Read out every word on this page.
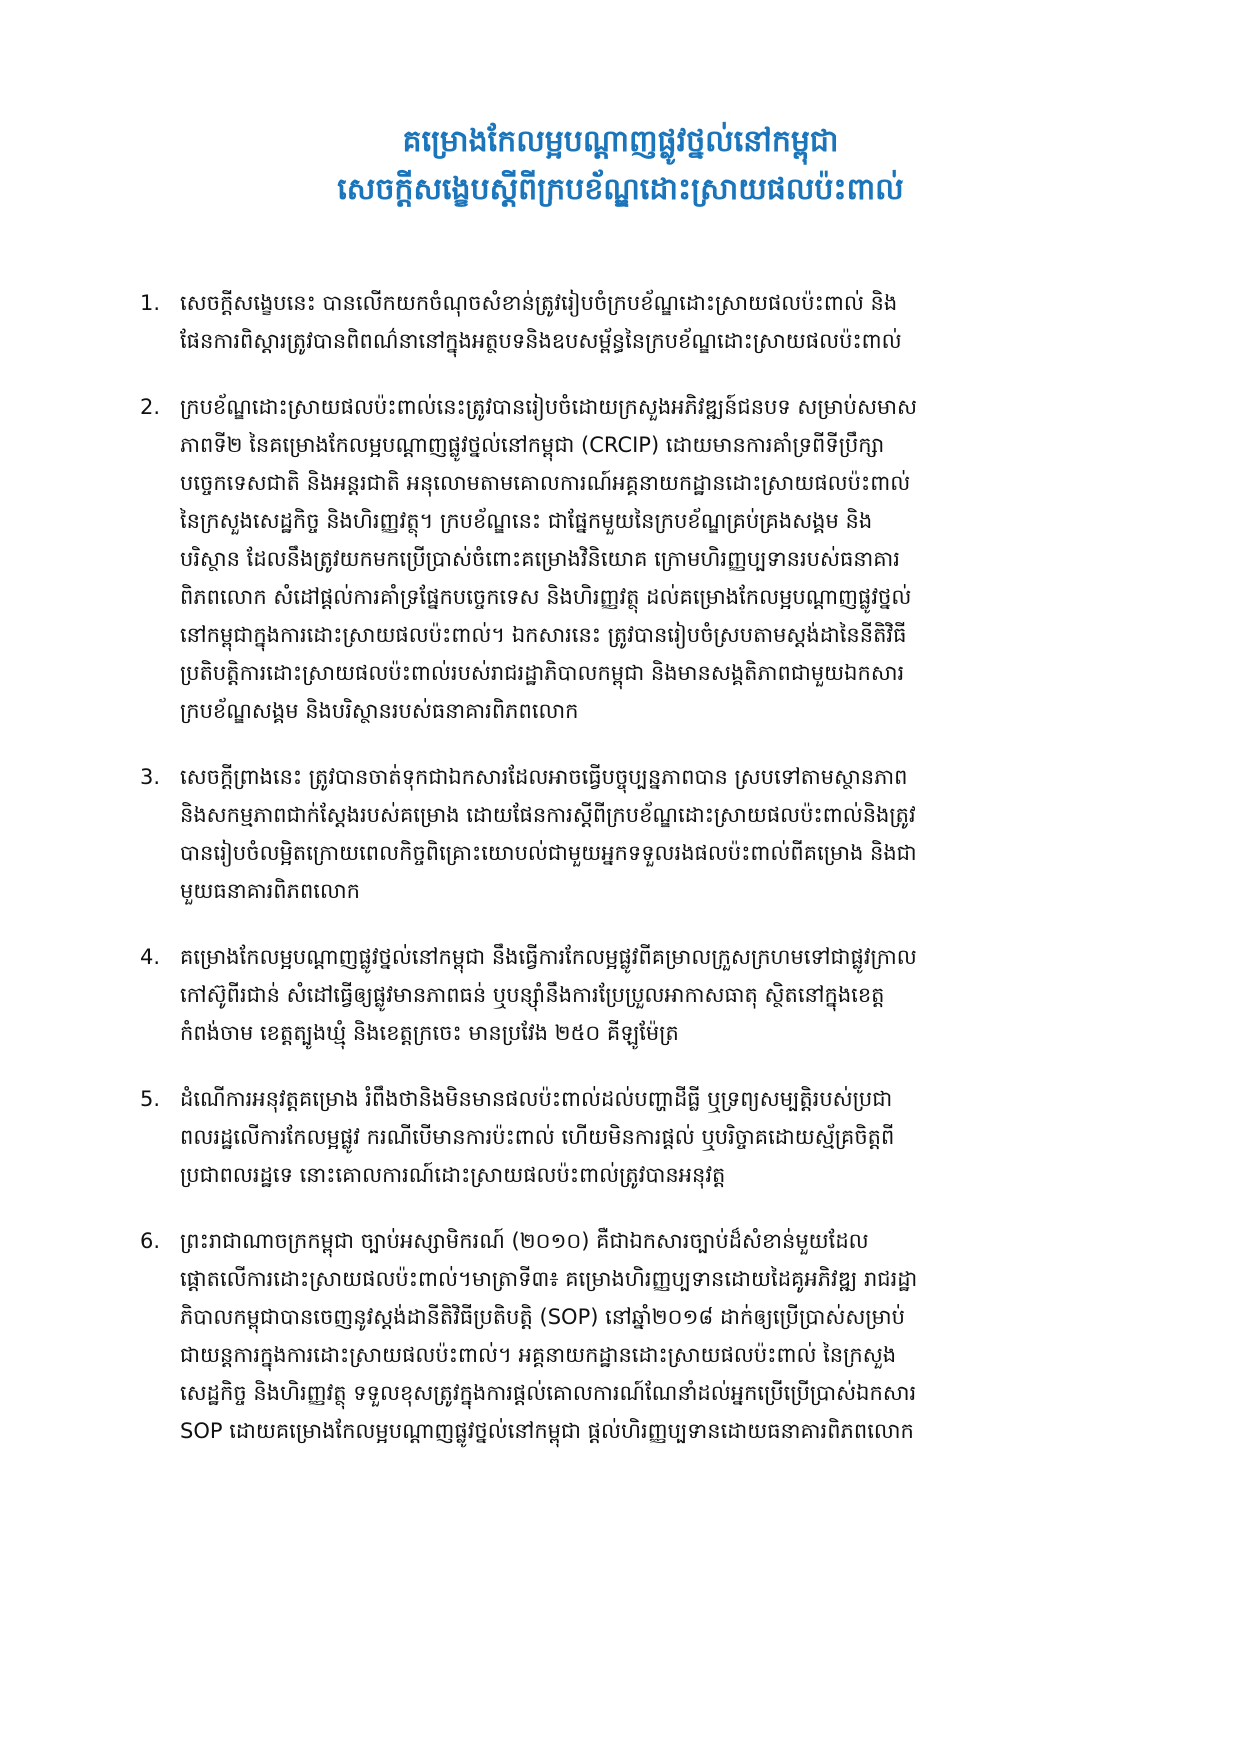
គម្រោងកែលម្អបណ្ដាញផ្លូវថ្នល់នៅកម្ពុជា

សេចក្ដីសង្ខេបស្ដីពីក្របខ័ណ្ឌដោះស្រាយផលប៉ះពាល់

1. សេចក្ដីសង្ខេបនេះ បានលើកយកចំណុចសំខាន់ត្រូវរៀបចំក្របខ័ណ្ឌដោះស្រាយផលប៉ះពាល់ និង
ផែនការពិស្ដារត្រូវបានពិពណ៌នានៅក្នុងអត្ថបទនិងឧបសម្ព័ន្ធនៃក្របខ័ណ្ឌដោះស្រាយផលប៉ះពាល់
2. ក្របខ័ណ្ឌដោះស្រាយផលប៉ះពាល់នេះត្រូវបានរៀបចំដោយក្រសួងអភិវឌ្ឍន៍ជនបទ សម្រាប់សមាស
ភាពទី២ នៃគម្រោងកែលម្អបណ្ដាញផ្លូវថ្នល់នៅកម្ពុជា (CRCIP) ដោយមានការគាំទ្រពីទីប្រឹក្សា
បច្ចេកទេសជាតិ និងអន្តរជាតិ អនុលោមតាមគោលការណ៍អគ្គនាយកដ្ឋានដោះស្រាយផលប៉ះពាល់
នៃក្រសួងសេដ្ឋកិច្ច និងហិរញ្ញវត្ថុ។ ក្របខ័ណ្ឌនេះ ជាផ្នែកមួយនៃក្របខ័ណ្ឌគ្រប់គ្រងសង្គម និង
បរិស្ថាន ដែលនឹងត្រូវយកមកប្រើប្រាស់ចំពោះគម្រោងវិនិយោគ ក្រោមហិរញ្ញប្បទានរបស់ធនាគារ
ពិភពលោក សំដៅផ្ដល់ការគាំទ្រផ្នែកបច្ចេកទេស និងហិរញ្ញវត្ថុ ដល់គម្រោងកែលម្អបណ្ដាញផ្លូវថ្នល់
នៅកម្ពុជាក្នុងការដោះស្រាយផលប៉ះពាល់។ ឯកសារនេះ ត្រូវបានរៀបចំស្របតាមស្តង់ដានៃនីតិវិធី
ប្រតិបត្តិការដោះស្រាយផលប៉ះពាល់របស់រាជរដ្ឋាភិបាលកម្ពុជា និងមានសង្គតិភាពជាមួយឯកសារ
ក្របខ័ណ្ឌសង្គម និងបរិស្ថានរបស់ធនាគារពិភពលោក
3. សេចក្ដីព្រាងនេះ ត្រូវបានចាត់ទុកជាឯកសារដែលអាចធ្វើបច្ចុប្បន្នភាពបាន ស្របទៅតាមស្ថានភាព
និងសកម្មភាពជាក់ស្ដែងរបស់គម្រោង ដោយផែនការស្ដីពីក្របខ័ណ្ឌដោះស្រាយផលប៉ះពាល់និងត្រូវ
បានរៀបចំលម្អិតក្រោយពេលកិច្ចពិគ្រោះយោបល់ជាមួយអ្នកទទួលរងផលប៉ះពាល់ពីគម្រោង និងជា
មួយធនាគារពិភពលោក
4. គម្រោងកែលម្អបណ្ដាញផ្លូវថ្នល់នៅកម្ពុជា នឹងធ្វើការកែលម្អផ្លូវពីគម្រាលក្រួសក្រហមទៅជាផ្លូវក្រាល
កៅស៊ូពីរជាន់ សំដៅធ្វើឲ្យផ្លូវមានភាពធន់ ឬបន្សុាំនឹងការប្រែប្រួលអាកាសធាតុ ស្ថិតនៅក្នុងខេត្ត
កំពង់ចាម ខេត្តត្បូងឃ្មុំ និងខេត្តក្រចេះ មានប្រវែង ២៥០ គីឡូម៉ែត្រ
5. ដំណើការអនុវត្តគម្រោង រំពឹងថានិងមិនមានផលប៉ះពាល់ដល់បញ្ហាដីធ្លី ឬទ្រព្យសម្បត្តិរបស់ប្រជា
ពលរដ្ឋលើការកែលម្អផ្លូវ ករណីបើមានការប៉ះពាល់ ហើយមិនការផ្ដល់ ឬបរិច្ចាគដោយស្ម័គ្រចិត្តពី
ប្រជាពលរដ្ឋទេ នោះគោលការណ៍ដោះស្រាយផលប៉ះពាល់ត្រូវបានអនុវត្ត
6. ព្រះរាជាណាចក្រកម្ពុជា ច្បាប់អស្សាមិករណ៍ (២០១០) គឺជាឯកសារច្បាប់ដ៏សំខាន់មួយដែល
ផ្ដោតលើការដោះស្រាយផលប៉ះពាល់។មាត្រាទី៣៖ គម្រោងហិរញ្ញប្បទានដោយដៃគូអភិវឌ្ឍ រាជរដ្ឋា
ភិបាលកម្ពុជាបានចេញនូវស្តង់ដានីតិវិធីប្រតិបត្តិ (SOP) នៅឆ្នាំ២០១៨ ដាក់ឲ្យប្រើប្រាស់សម្រាប់
ជាយន្តការក្នុងការដោះស្រាយផលប៉ះពាល់។ អគ្គនាយកដ្ឋានដោះស្រាយផលប៉ះពាល់ នៃក្រសួង
សេដ្ឋកិច្ច និងហិរញ្ញវត្ថុ ទទួលខុសត្រូវក្នុងការផ្ដល់គោលការណ៍ណែនាំដល់អ្នកប្រើប្រើប្រាស់ឯកសារ
SOP ដោយគម្រោងកែលម្អបណ្ដាញផ្លូវថ្នល់នៅកម្ពុជា ផ្ដល់ហិរញ្ញប្បទានដោយធនាគារពិភពលោក
